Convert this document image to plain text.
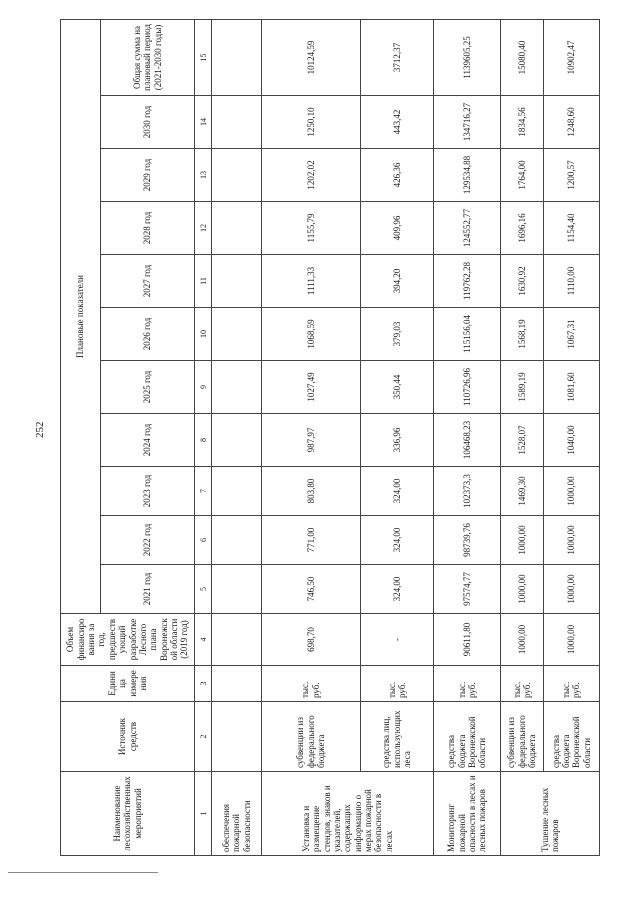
252
Наименование лесохозяйственных мероприятий	Источник средств	Единица измерения	Объем финансирования за год, предшествующий разработке Лесного плана Воронежской области (2019 год)	Плановые показатели										
				2021 год	2022 год	2023 год	2024 год	2025 год	2026 год	2027 год	2028 год	2029 год	2030 год	Общая сумма на плановый период (2021-2030 годы)
1	2	3	4	5	6	7	8	9	10	11	12	13	14	15
обеспечения пожарной безопасности														
Установка и размещение стендов, знаков и указателей, содержащих информацию о мерах пожарной безопасности в лесах	субвенции из федерального бюджета	тыс. руб.	698,70	746,50	771,00	803,80	987,97	1027,49	1068,59	1111,33	1155,79	1202,02	1250,10	10124,59
	средства лиц, использующих леса	тыс. руб.	-	324,00	324,00	324,00	336,96	350,44	379,03	394,20	409,96	426,36	443,42	3712,37
Мониторинг пожарной опасности в лесах и лесных пожаров	средства бюджета Воронежской области	тыс. руб.	90611,80	97574,77	98739,76	102373,3	106468,23	110726,96	115156,04	119762,28	124552,77	129534,88	134716,27	1139605,25
Тушение лесных пожаров	субвенции из федерального бюджета	тыс. руб.	1000,00	1000,00	1000,00	1469,30	1528,07	1589,19	1568,19	1630,92	1696,16	1764,00	1834,56	15080,40
	средства бюджета Воронежской области	тыс. руб.	1000,00	1000,00	1000,00	1000,00	1040,00	1081,60	1067,31	1110,00	1154,40	1200,57	1248,60	10902,47
